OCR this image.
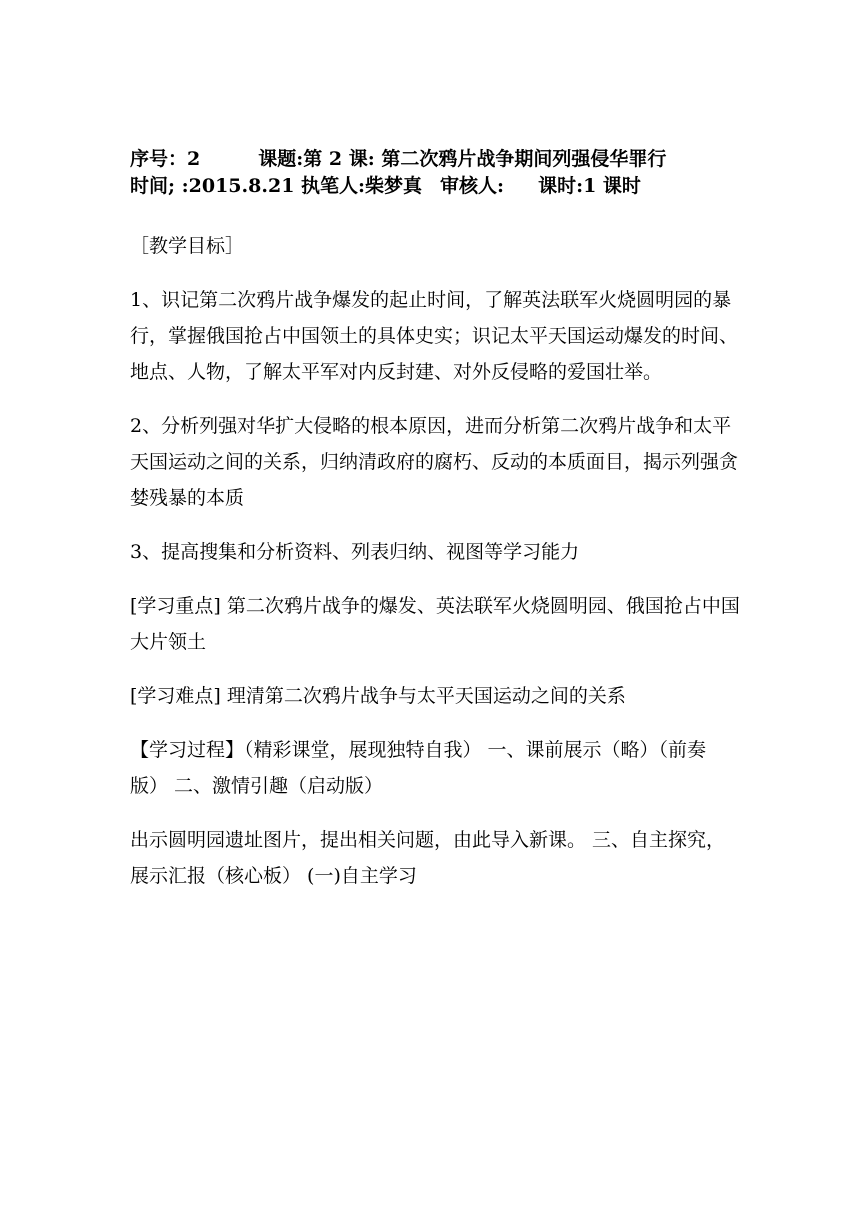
序号：2	课题:第 2 课: 第二次鸦片战争期间列强侵华罪行
时间; :2015.8.21 执笔人:柴梦真 审核人: 课时:1 课时

［教学目标］

1、识记第二次鸦片战争爆发的起止时间，了解英法联军火烧圆明园的暴行，掌握俄国抢占中国领土的具体史实；识记太平天国运动爆发的时间、地点、人物，了解太平军对内反封建、对外反侵略的爱国壮举。

2、分析列强对华扩大侵略的根本原因，进而分析第二次鸦片战争和太平天国运动之间的关系，归纳清政府的腐朽、反动的本质面目，揭示列强贪婪残暴的本质

3、提高搜集和分析资料、列表归纳、视图等学习能力

[学习重点] 第二次鸦片战争的爆发、英法联军火烧圆明园、俄国抢占中国大片领土

[学习难点] 理清第二次鸦片战争与太平天国运动之间的关系

【学习过程】（精彩课堂，展现独特自我） 一、课前展示（略）（前奏版） 二、激情引趣（启动版）

出示圆明园遗址图片，提出相关问题，由此导入新课。 三、自主探究，展示汇报（核心板） (一)自主学习
